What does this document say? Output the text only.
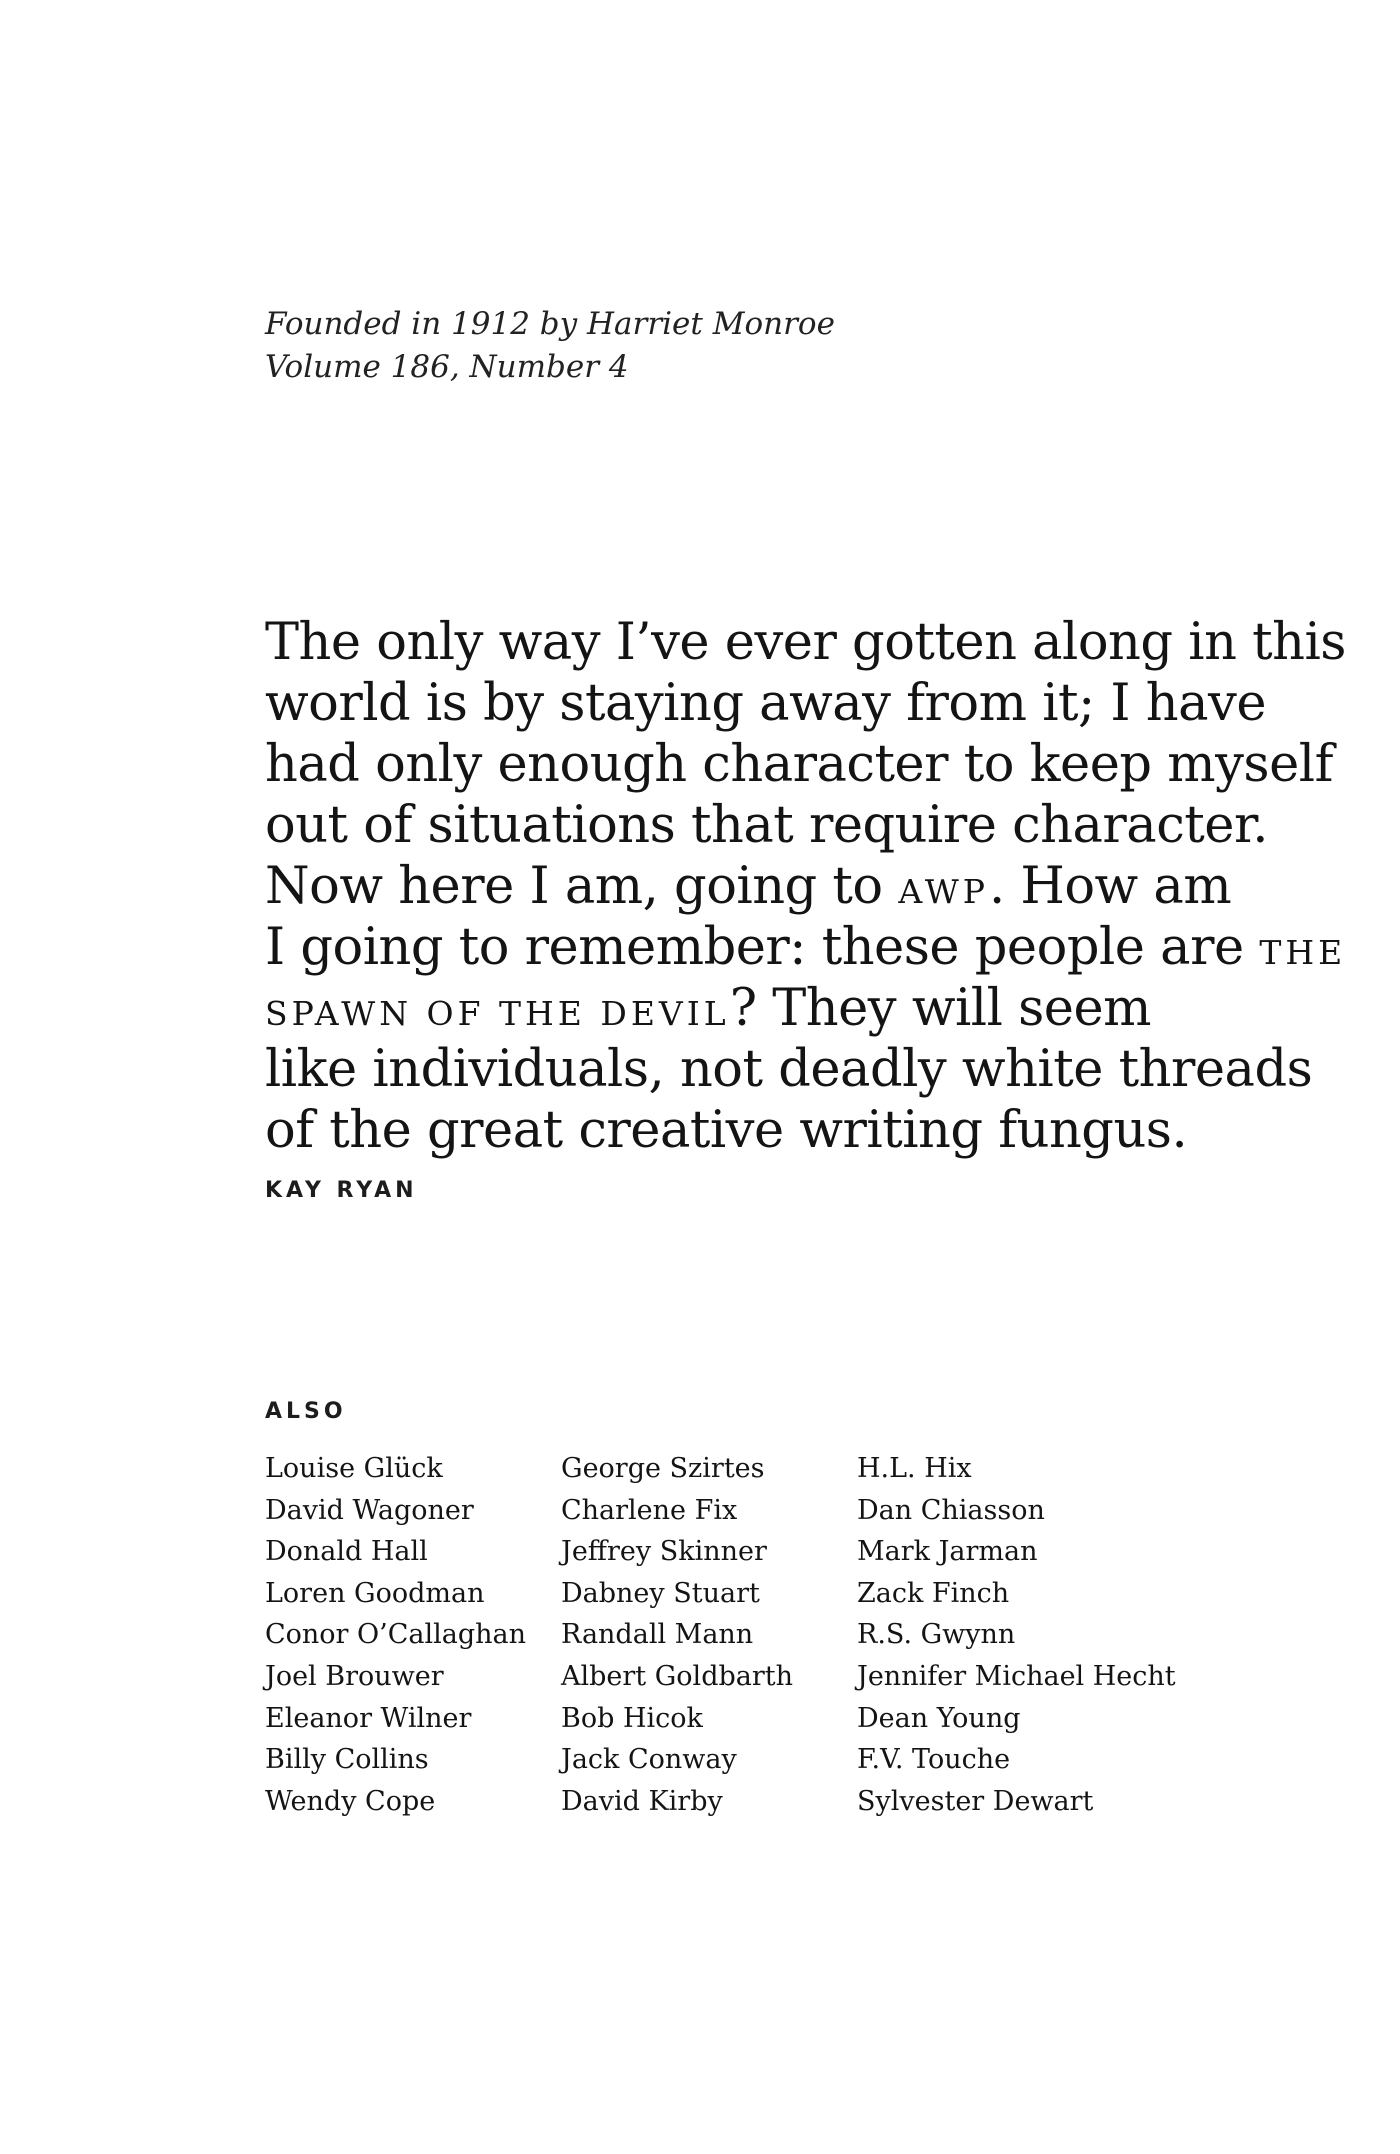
Founded in 1912 by Harriet Monroe
Volume 186, Number 4
The only way I’ve ever gotten along in this
world is by staying away from it; I have
had only enough character to keep myself
out of situations that require character.
Now here I am, going to AWP. How am
I going to remember: these people are THE
SPAWN OF THE DEVIL? They will seem
like individuals, not deadly white threads
of the great creative writing fungus.
KAY RYAN
ALSO
Louise Glück
David Wagoner
Donald Hall
Loren Goodman
Conor O’Callaghan
Joel Brouwer
Eleanor Wilner
Billy Collins
Wendy Cope
George Szirtes
Charlene Fix
Jeffrey Skinner
Dabney Stuart
Randall Mann
Albert Goldbarth
Bob Hicok
Jack Conway
David Kirby
H.L. Hix
Dan Chiasson
Mark Jarman
Zack Finch
R.S. Gwynn
Jennifer Michael Hecht
Dean Young
F.V. Touche
Sylvester Dewart
